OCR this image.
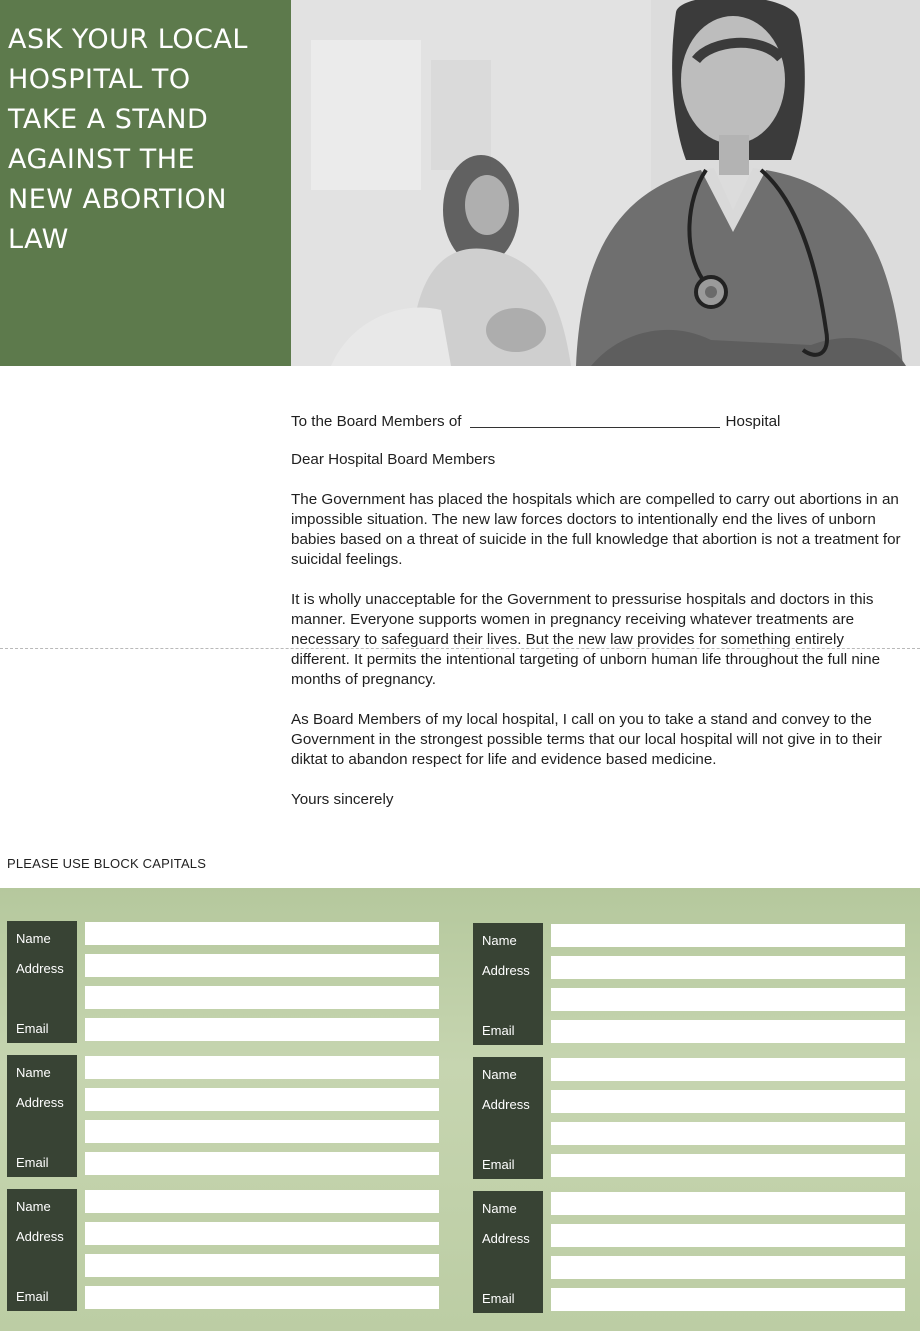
ASK YOUR LOCAL
HOSPITAL TO
TAKE A STAND
AGAINST THE
NEW ABORTION
LAW

To the Board Members of	Hospital

Dear Hospital Board Members

The Government has placed the hospitals which are compelled to carry out abortions in an impossible situation. The new law forces doctors to intentionally end the lives of unborn babies based on a threat of suicide in the full knowledge that abortion is not a treatment for suicidal feelings.

It is wholly unacceptable for the Government to pressurise hospitals and doctors in this manner. Everyone supports women in pregnancy receiving whatever treatments are necessary to safeguard their lives. But the new law provides for something entirely different. It permits the intentional targeting of unborn human life throughout the full nine months of pregnancy.

As Board Members of my local hospital, I call on you to take a stand and convey to the Government in the strongest possible terms that our local hospital will not give in to their diktat to abandon respect for life and evidence based medicine.

Yours sincerely

PLEASE USE BLOCK CAPITALS
Name
Address
Email
Name
Address
Email
Name
Address
Email
Name
Address
Email
Name
Address
Email
Name
Address
Email
